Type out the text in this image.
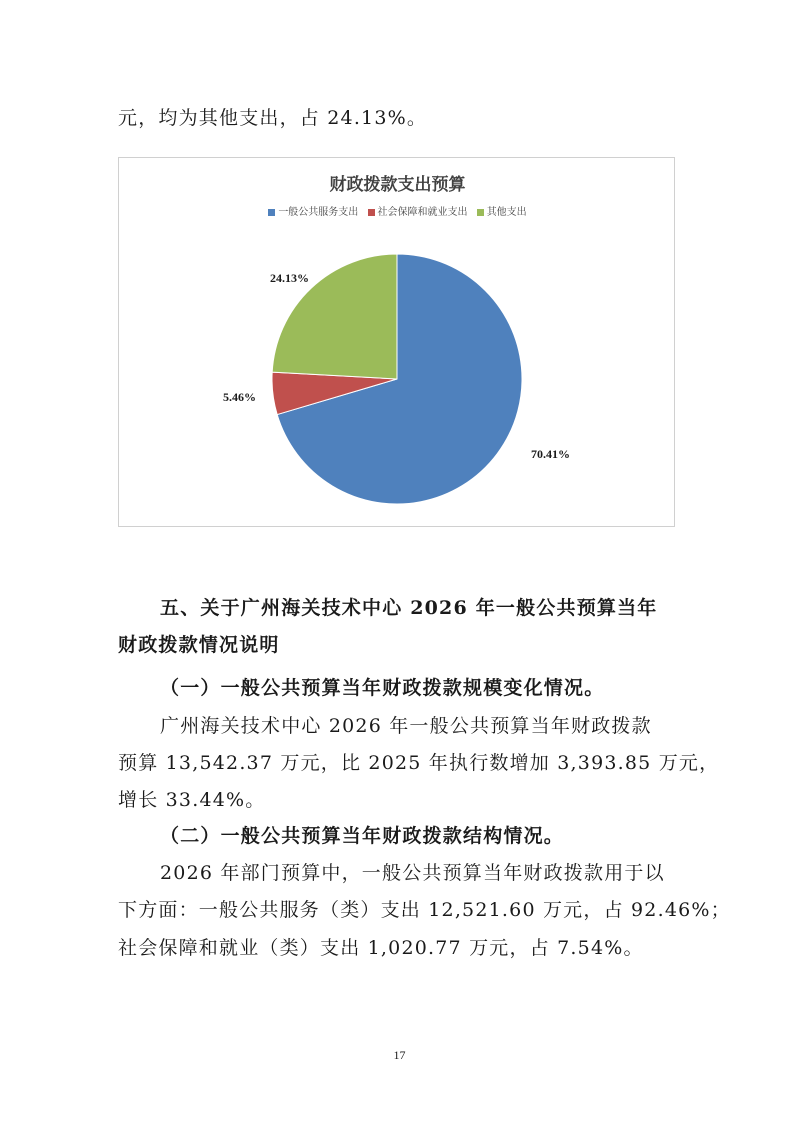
元，均为其他支出，占 24.13%。
财政拨款支出预算
一般公共服务支出 社会保障和就业支出 其他支出
70.41%
5.46%
24.13%
五、关于广州海关技术中心 2026 年一般公共预算当年
财政拨款情况说明
（一）一般公共预算当年财政拨款规模变化情况。
广州海关技术中心 2026 年一般公共预算当年财政拨款
预算 13,542.37 万元，比 2025 年执行数增加 3,393.85 万元，
增长 33.44%。
（二）一般公共预算当年财政拨款结构情况。
2026 年部门预算中，一般公共预算当年财政拨款用于以
下方面：一般公共服务（类）支出 12,521.60 万元，占 92.46%；
社会保障和就业（类）支出 1,020.77 万元，占 7.54%。
17
